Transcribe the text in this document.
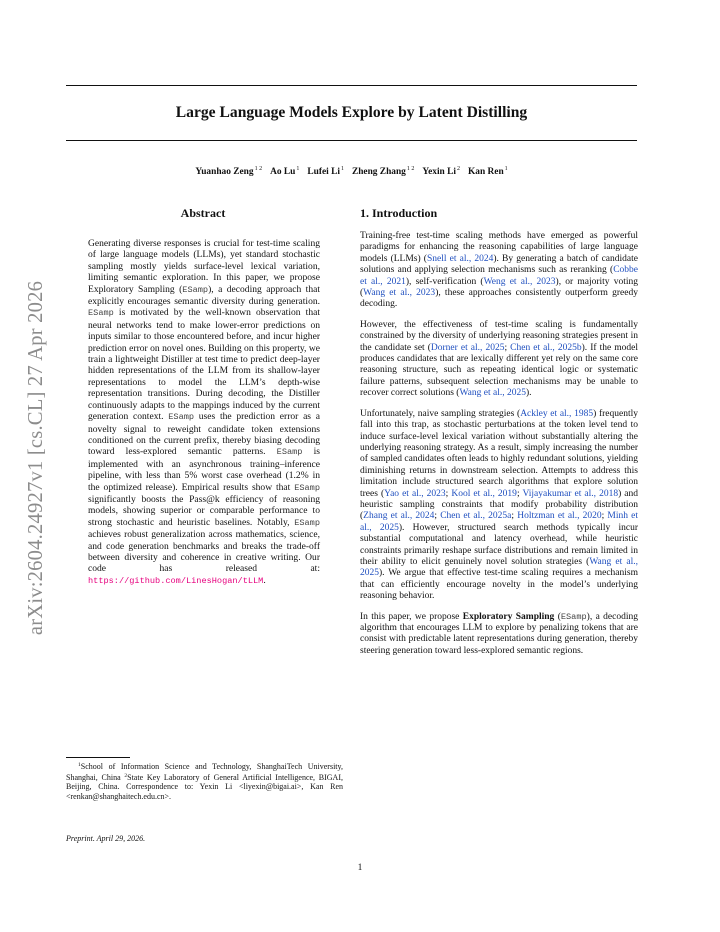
Large Language Models Explore by Latent Distilling
Yuanhao Zeng$^{1 2}$ Ao Lu$^1$ Lufei Li$^1$ Zheng Zhang$^{1 2}$ Yexin Li$^2$ Kan Ren$^1$
arXiv:2604.24927v1 [cs.CL] 27 Apr 2026
Abstract
Generating diverse responses is crucial for test-time scaling of large language models (LLMs), yet standard stochastic sampling mostly yields surface-level lexical variation, limiting semantic exploration. In this paper, we propose Exploratory Sampling (ESamp), a decoding approach that explicitly encourages semantic diversity during generation. ESamp is motivated by the well-known observation that neural networks tend to make lower-error predictions on inputs similar to those encountered before, and incur higher prediction error on novel ones. Building on this property, we train a lightweight Distiller at test time to predict deep-layer hidden representations of the LLM from its shallow-layer representations to model the LLM’s depth-wise representation transitions. During decoding, the Distiller continuously adapts to the mappings induced by the current generation context. ESamp uses the prediction error as a novelty signal to reweight candidate token extensions conditioned on the current prefix, thereby biasing decoding toward less-explored semantic patterns. ESamp is implemented with an asynchronous training–inference pipeline, with less than 5% worst case overhead (1.2% in the optimized release). Empirical results show that ESamp significantly boosts the Pass@k efficiency of reasoning models, showing superior or comparable performance to strong stochastic and heuristic baselines. Notably, ESamp achieves robust generalization across mathematics, science, and code generation benchmarks and breaks the trade-off between diversity and coherence in creative writing. Our code has released at: https://github.com/LinesHogan/tLLM.
$^1$School of Information Science and Technology, ShanghaiTech University, Shanghai, China $^2$State Key Laboratory of General Artificial Intelligence, BIGAI, Beijing, China. Correspondence to: Yexin Li <liyexin@bigai.ai>, Kan Ren <renkan@shanghaitech.edu.cn>.
Preprint. April 29, 2026.
1. Introduction

Training-free test-time scaling methods have emerged as powerful paradigms for enhancing the reasoning capabilities of large language models (LLMs) (Snell et al., 2024). By generating a batch of candidate solutions and applying selection mechanisms such as reranking (Cobbe et al., 2021), self-verification (Weng et al., 2023), or majority voting (Wang et al., 2023), these approaches consistently outperform greedy decoding.

However, the effectiveness of test-time scaling is fundamentally constrained by the diversity of underlying reasoning strategies present in the candidate set (Dorner et al., 2025; Chen et al., 2025b). If the model produces candidates that are lexically different yet rely on the same core reasoning structure, such as repeating identical logic or systematic failure patterns, subsequent selection mechanisms may be unable to recover correct solutions (Wang et al., 2025).

Unfortunately, naive sampling strategies (Ackley et al., 1985) frequently fall into this trap, as stochastic perturbations at the token level tend to induce surface-level lexical variation without substantially altering the underlying reasoning strategy. As a result, simply increasing the number of sampled candidates often leads to highly redundant solutions, yielding diminishing returns in downstream selection. Attempts to address this limitation include structured search algorithms that explore solution trees (Yao et al., 2023; Kool et al., 2019; Vijayakumar et al., 2018) and heuristic sampling constraints that modify probability distribution (Zhang et al., 2024; Chen et al., 2025a; Holtzman et al., 2020; Minh et al., 2025). However, structured search methods typically incur substantial computational and latency overhead, while heuristic constraints primarily reshape surface distributions and remain limited in their ability to elicit genuinely novel solution strategies (Wang et al., 2025). We argue that effective test-time scaling requires a mechanism that can efficiently encourage novelty in the model’s underlying reasoning behavior.

In this paper, we propose Exploratory Sampling (ESamp), a decoding algorithm that encourages LLM to explore by penalizing tokens that are consist with predictable latent representations during generation, thereby steering generation toward less-explored semantic regions.

1
